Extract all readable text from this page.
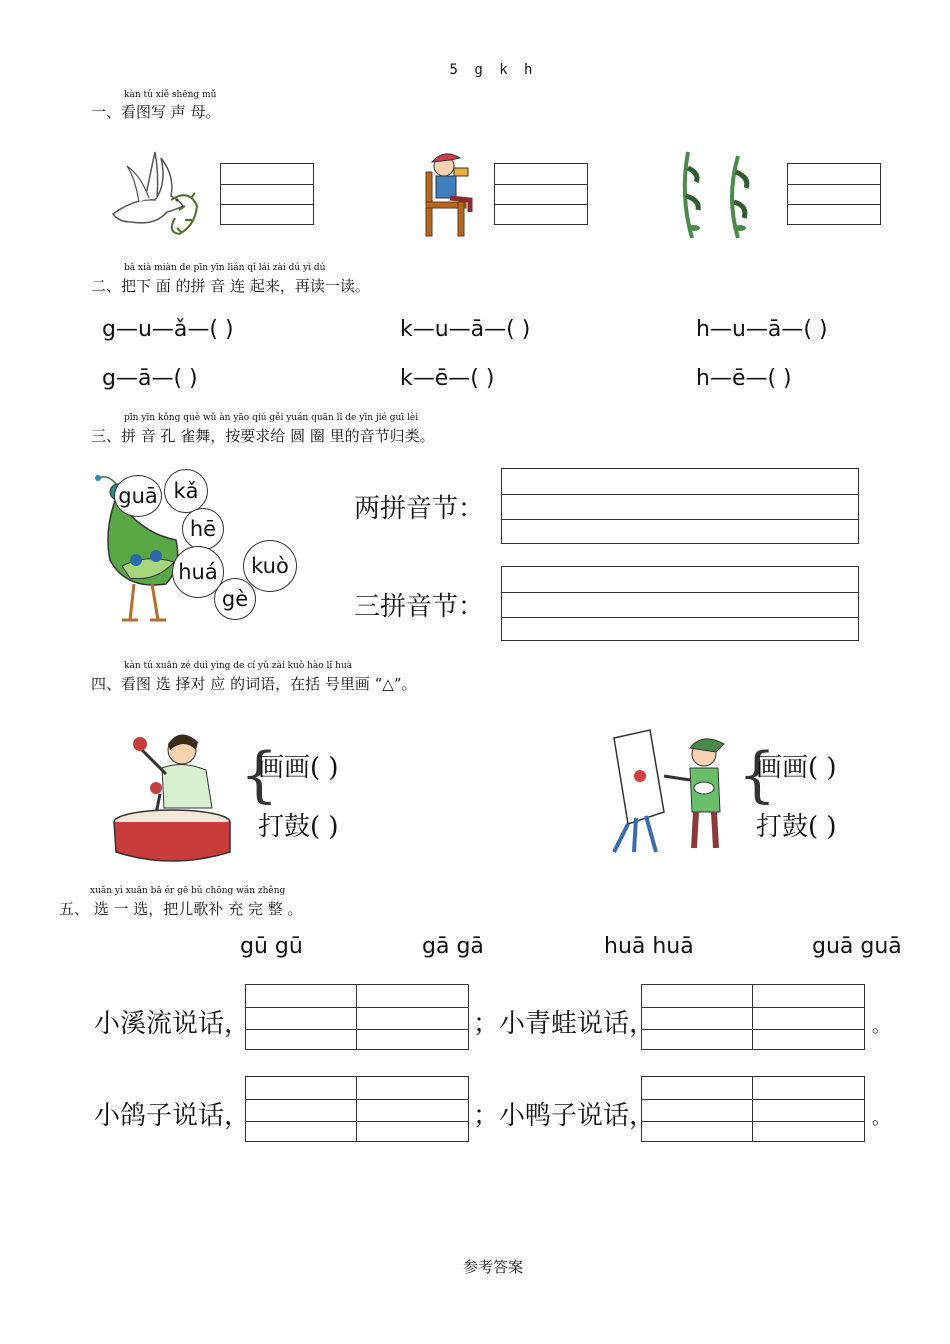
5 g k h
kàn tú xiě shēng mǔ
一、看图写 声 母。
bǎ xià miàn de pīn yīn lián qǐ lái zài dú yì dú
二、把下 面 的拼 音 连 起来，再读一读。
g—u—ǎ—( )	k—u—ā—( )	h—u—ā—( )
g—ā—( )	k—ē—( )	h—ē—( )
pīn yīn kǒng què wǔ àn yāo qiú gěi yuán quān lǐ de yīn jié guī lèi
三、拼 音 孔 雀舞，按要求给 圆 圈 里的音节归类。
guā kǎ
hē
huá	kuò
gè
两拼音节：
三拼音节：
kàn tú xuǎn zé duì yìng de cí yǔ zài kuò hào lǐ huà
四、看图 选 择对 应 的词语，在括 号里画 “△”。
{
画画( )
打鼓( )
{
画画( )
打鼓( )
xuǎn yì xuǎn bǎ ér gē bǔ chōng wán zhěng
五、 选 一 选，把儿歌补 充 完 整 。
gū gū	gā gā	huā huā	guā guā
小溪流说话，	；小青蛙说话，	。
小鸽子说话，	；小鸭子说话，	。
参考答案
